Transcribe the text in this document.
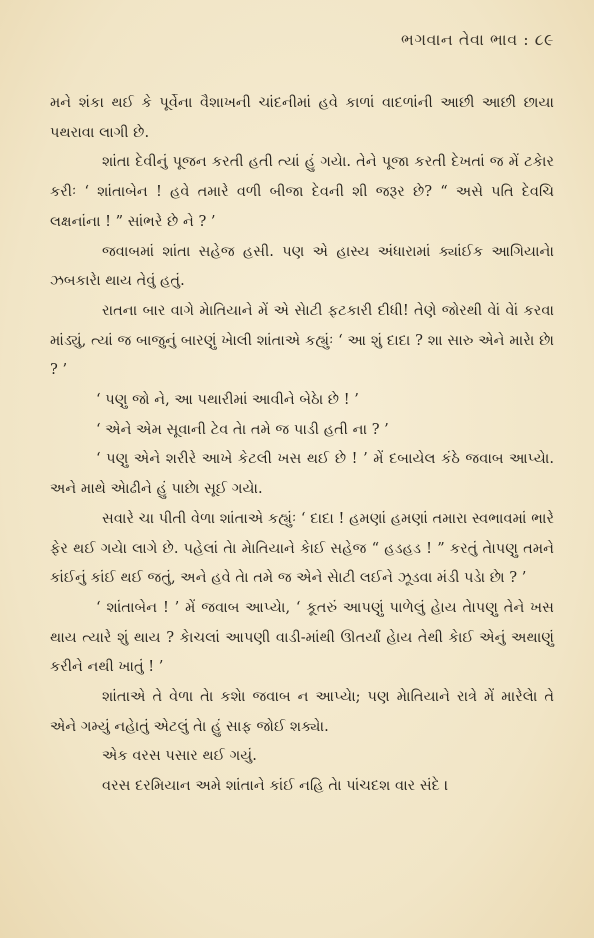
ભગવાન તેવા ભાવ : ૮૯

મને શંકા થઈ કે પૂર્વેના વૈશાખની ચાંદનીમાં હવે કાળાં વાદળાંની આછી આછી છાયા પથરાવા લાગી છે.

શાંતા દેવીનું પૂજન કરતી હતી ત્યાં હું ગયેા. તેને પૂજા કરતી દેખતાં જ મેં ટકેાર કરીઃ ‘ શાંતાબેન ! હવે તમારે વળી બીજા દેવની શી જરૂર છે? “ અસે પતિ દેવચિ લક્ષનાંના ! ” સાંભરે છે ને ? ’

જવાબમાં શાંતા સહેજ હસી. પણ એ હાસ્ય અંધારામાં ક્યાંઈક આગિયાનેા ઝબકારેા થાય તેવું હતું.

રાતના બાર વાગે મેાતિયાને મેં એ સેાટી ફટકારી દીધી! તેણે જોરથી વેાં વેાં કરવા માંડ્યું, ત્યાં જ બાજુનું બારણું ખેાલી શાંતાએ કહ્યુંઃ ‘ આ શું દાદા ? શા સારુ એને મારેા છેા ? ’

‘ પણુ જો ને, આ પથારીમાં આવીને બેઠેા છે ! ’

‘ એને એમ સૂવાની ટેવ તેા તમે જ પાડી હતી ના ? ’

‘ પણુ એને શરીરે આખે કેટલી ખસ થઈ છે ! ’ મેં દબાયેલ કંઠે જવાબ આપ્યેા. અને માથે એાઢીને હું પાછેા સૂઈ ગયેા.

સવારે ચા પીતી વેળા શાંતાએ કહ્યુંઃ ‘ દાદા ! હમણાં હમણાં તમારા સ્વભાવમાં ભારે ફેર થઈ ગયેા લાગે છે. પહેલાં તેા મેાતિયાને કેાઈ સહેજ “ હડહડ ! ” કરતું તેાપણુ તમને કાંઈનું કાંઈ થઈ જતું, અને હવે તેા તમે જ એને સેાટી લઈને ઝૂડવા મંડી પડેા છેા ? ’

‘ શાંતાબેન ! ’ મેં જવાબ આપ્યેા, ‘ કૂતરું આપણું પાળેલું હેાય તેાપણુ તેને ખસ થાય ત્યારે શું થાય ? કેાચલાં આપણી વાડી-માંથી ઊતર્યાં હેાય તેથી કેાઈ એનું અથાણું કરીને નથી ખાતું ! ’

શાંતાએ તે વેળા તેા કશેા જવાબ ન આપ્યેા; પણ મેાતિયાને રાત્રે મેં મારેલેા તે એને ગમ્યું નહેાતું એટલું તેા હું સાફ જોઈ શક્યેા.

એક વરસ પસાર થઈ ગયું.

વરસ દરમિયાન અમે શાંતાને કાંઈ નહિ તેા પાંચદશ વાર સંદે ।
